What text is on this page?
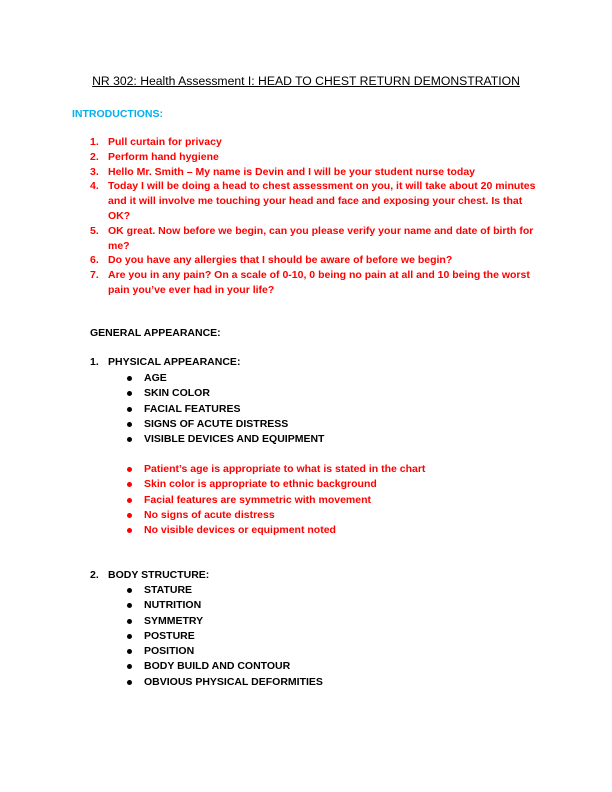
NR 302: Health Assessment I: HEAD TO CHEST RETURN DEMONSTRATION
INTRODUCTIONS:
1. Pull curtain for privacy
2. Perform hand hygiene
3. Hello Mr. Smith – My name is Devin and I will be your student nurse today
4. Today I will be doing a head to chest assessment on you, it will take about 20 minutes and it will involve me touching your head and face and exposing your chest. Is that OK?
5. OK great. Now before we begin, can you please verify your name and date of birth for me?
6. Do you have any allergies that I should be aware of before we begin?
7. Are you in any pain? On a scale of 0-10, 0 being no pain at all and 10 being the worst pain you’ve ever had in your life?
GENERAL APPEARANCE:
1. PHYSICAL APPEARANCE:
AGE
SKIN COLOR
FACIAL FEATURES
SIGNS OF ACUTE DISTRESS
VISIBLE DEVICES AND EQUIPMENT
Patient’s age is appropriate to what is stated in the chart
Skin color is appropriate to ethnic background
Facial features are symmetric with movement
No signs of acute distress
No visible devices or equipment noted
2. BODY STRUCTURE:
STATURE
NUTRITION
SYMMETRY
POSTURE
POSITION
BODY BUILD AND CONTOUR
OBVIOUS PHYSICAL DEFORMITIES
